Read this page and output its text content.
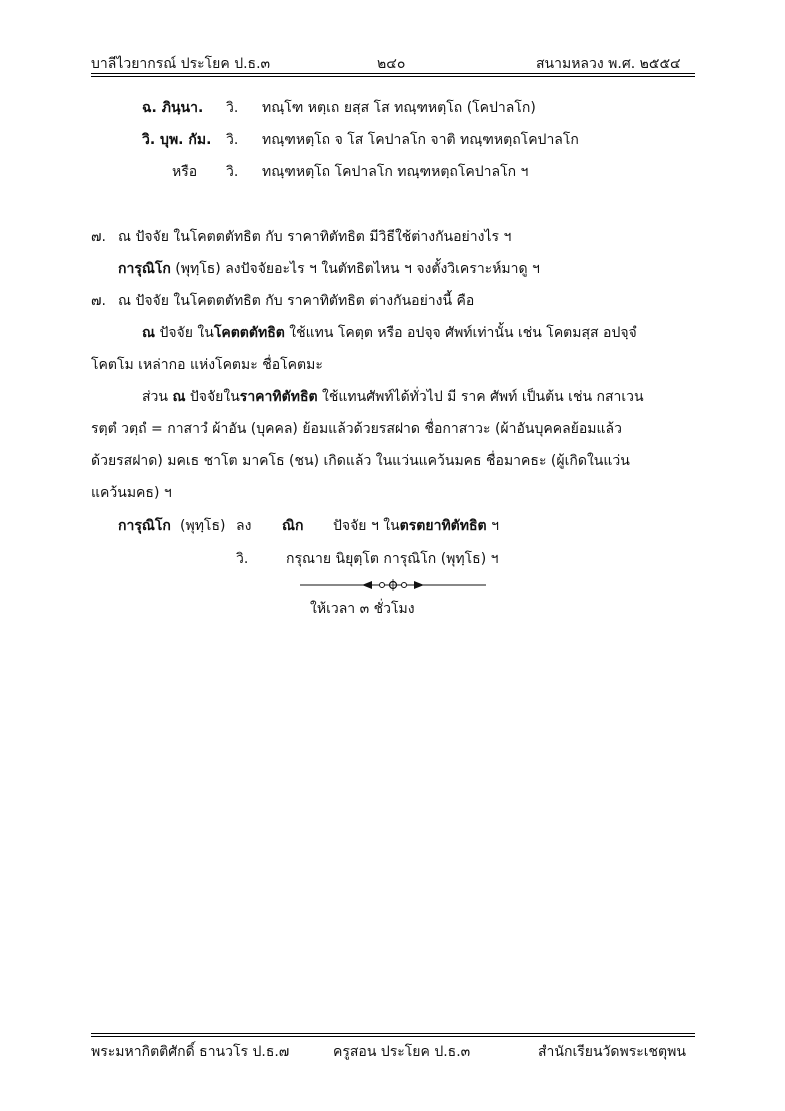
บาลีไวยากรณ์ ประโยค ป.ธ.๓	๒๔๐	สนามหลวง พ.ศ. ๒๕๕๔
ฉ. ภินฺนา. วิ. ทณฺโฑ หตฺเถ ยสฺส โส ทณฺฑหตฺโถ (โคปาลโก)
วิ. บุพ. กัม. วิ. ทณฺฑหตฺโถ จ โส โคปาลโก จาติ ทณฺฑหตฺถโคปาลโก
หรือ วิ. ทณฺฑหตฺโถ โคปาลโก ทณฺฑหตฺถโคปาลโก ฯ
๗. ณ ปัจจัย ในโคตตตัทธิต กับ ราคาทิตัทธิต มีวิธีใช้ต่างกันอย่างไร ฯ
การุณิโก (พุทฺโธ) ลงปัจจัยอะไร ฯ ในตัทธิตไหน ฯ จงตั้งวิเคราะห์มาดู ฯ
๗. ณ ปัจจัย ในโคตตตัทธิต กับ ราคาทิตัทธิต ต่างกันอย่างนี้ คือ
ณ ปัจจัย ในโคตตตัทธิต ใช้แทน โคตฺต หรือ อปจฺจ ศัพท์เท่านั้น เช่น โคตมสฺส อปจฺจํ
โคตโม เหล่ากอ แห่งโคตมะ ชื่อโคตมะ
ส่วน ณ ปัจจัยในราคาทิตัทธิต ใช้แทนศัพท์ได้ทั่วไป มี ราค ศัพท์ เป็นต้น เช่น กสาเวน
รตฺตํ วตฺถํ = กาสาวํ ผ้าอัน (บุคคล) ย้อมแล้วด้วยรสฝาด ชื่อกาสาวะ (ผ้าอันบุคคลย้อมแล้ว
ด้วยรสฝาด) มคเธ ชาโต มาคโธ (ชน) เกิดแล้ว ในแว่นแคว้นมคธ ชื่อมาคธะ (ผู้เกิดในแว่น
แคว้นมคธ) ฯ
การุณิโก (พุทฺโธ) ลง ณิก ปัจจัย ฯ ในตรตยาทิตัทธิต ฯ
วิ.	กรุณาย นิยุตฺโต การุณิโก (พุทฺโธ) ฯ
ให้เวลา ๓ ชั่วโมง
พระมหากิตติศักดิ์ ธานวโร ป.ธ.๗	ครูสอน ประโยค ป.ธ.๓	สำนักเรียนวัดพระเชตุพน
